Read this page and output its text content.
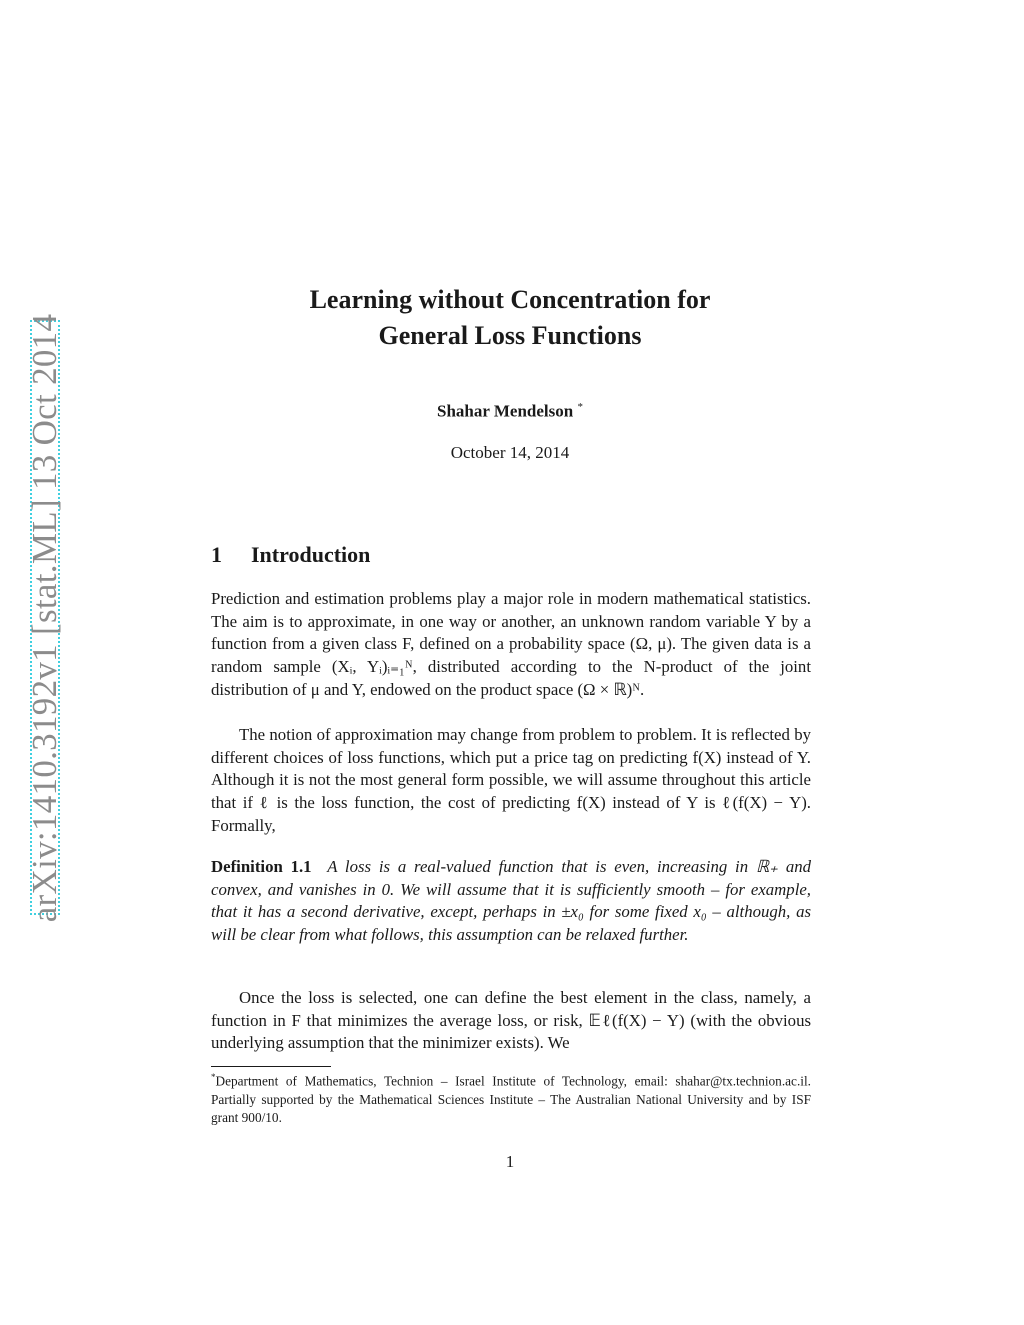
arXiv:1410.3192v1 [stat.ML] 13 Oct 2014
Learning without Concentration for
General Loss Functions
Shahar Mendelson *
October 14, 2014
1 Introduction

Prediction and estimation problems play a major role in modern mathematical statistics. The aim is to approximate, in one way or another, an unknown random variable Y by a function from a given class F, defined on a probability space (Ω, μ). The given data is a random sample (Xᵢ, Yᵢ)ᵢ₌₁ᴺ, distributed according to the N-product of the joint distribution of μ and Y, endowed on the product space (Ω × ℝ)ᴺ.

The notion of approximation may change from problem to problem. It is reflected by different choices of loss functions, which put a price tag on predicting f(X) instead of Y. Although it is not the most general form possible, we will assume throughout this article that if ℓ is the loss function, the cost of predicting f(X) instead of Y is ℓ(f(X) − Y). Formally,

Definition 1.1 A loss is a real-valued function that is even, increasing in ℝ₊ and convex, and vanishes in 0. We will assume that it is sufficiently smooth – for example, that it has a second derivative, except, perhaps in ±x₀ for some fixed x₀ – although, as will be clear from what follows, this assumption can be relaxed further.

Once the loss is selected, one can define the best element in the class, namely, a function in F that minimizes the average loss, or risk, 𝔼ℓ(f(X) − Y) (with the obvious underlying assumption that the minimizer exists). We

*Department of Mathematics, Technion – Israel Institute of Technology, email: shahar@tx.technion.ac.il. Partially supported by the Mathematical Sciences Institute – The Australian National University and by ISF grant 900/10.
1
